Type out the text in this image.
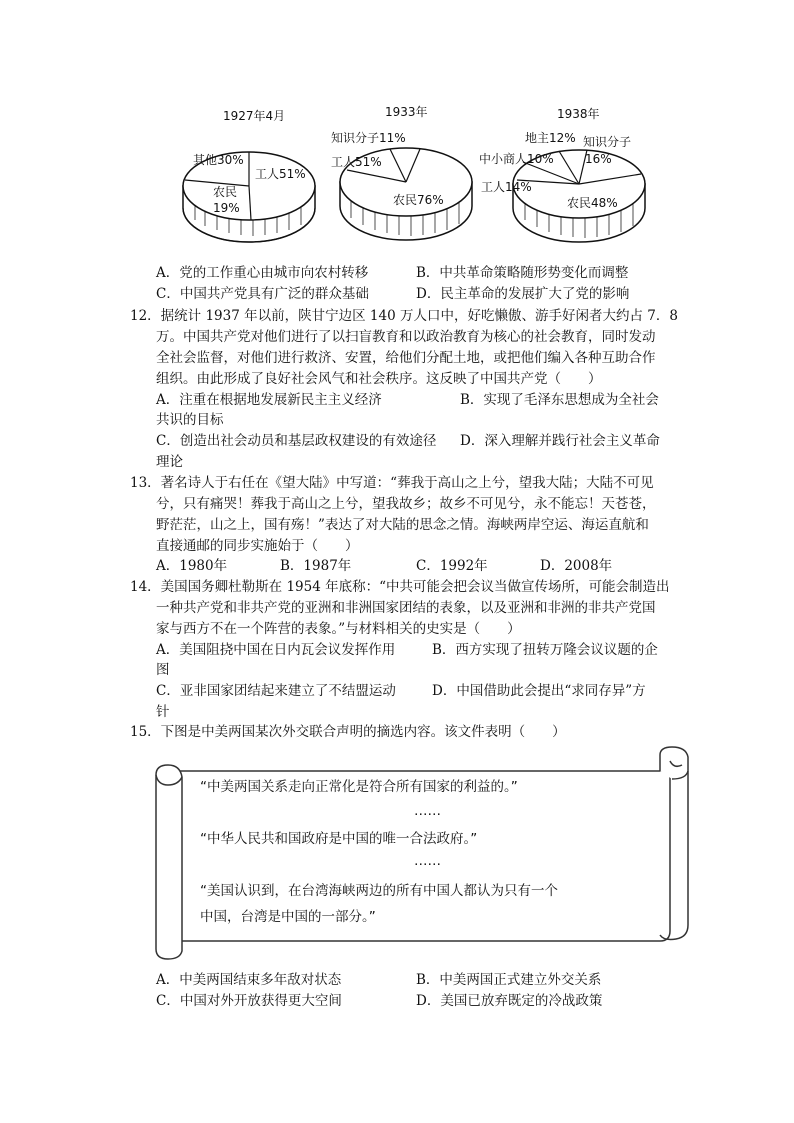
1927年4月
其他30%
工人51%
农民
19%
1933年
知识分子11%
工人51%
农民76%
1938年
地主12% 知识分子
16%
中小商人10%
工人14%
农民48%
A．党的工作重心由城市向农村转移	B．中共革命策略随形势变化而调整
C．中国共产党具有广泛的群众基础	D．民主革命的发展扩大了党的影响
12．据统计 1937 年以前，陕甘宁边区 140 万人口中，好吃懒傲、游手好闲者大约占 7．8
万。中国共产党对他们进行了以扫盲教育和以政治教育为核心的社会教育，同时发动
全社会监督，对他们进行救济、安置，给他们分配土地，或把他们编入各种互助合作
组织。由此形成了良好社会风气和社会秩序。这反映了中国共产党（　　）
A．注重在根据地发展新民主主义经济	B．实现了毛泽东思想成为全社会
共识的目标
C．创造出社会动员和基层政权建设的有效途径 D．深入理解并践行社会主义革命
理论
13．著名诗人于右任在《望大陆》中写道：“葬我于高山之上兮，望我大陆；大陆不可见
兮，只有痛哭！葬我于高山之上兮，望我故乡；故乡不可见兮，永不能忘！天苍苍，
野茫茫，山之上，国有殇！”表达了对大陆的思念之情。海峡两岸空运、海运直航和
直接通邮的同步实施始于（　　）
A．1980年	B．1987年	C．1992年	D．2008年
14．美国国务卿杜勒斯在 1954 年底称：“中共可能会把会议当做宣传场所，可能会制造出
一种共产党和非共产党的亚洲和非洲国家团结的表象，以及亚洲和非洲的非共产党国
家与西方不在一个阵营的表象。”与材料相关的史实是（　　）
A．美国阻挠中国在日内瓦会议发挥作用	B．西方实现了扭转万隆会议议题的企
图
C．亚非国家团结起来建立了不结盟运动	D．中国借助此会提出“求同存异”方
针
15．下图是中美两国某次外交联合声明的摘选内容。该文件表明（　　）
“中美两国关系走向正常化是符合所有国家的利益的。”
……
“中华人民共和国政府是中国的唯一合法政府。”
……
“美国认识到，在台湾海峡两边的所有中国人都认为只有一个
中国，台湾是中国的一部分。”
A．中美两国结束多年敌对状态	B．中美两国正式建立外交关系
C．中国对外开放获得更大空间	D．美国已放弃既定的冷战政策
